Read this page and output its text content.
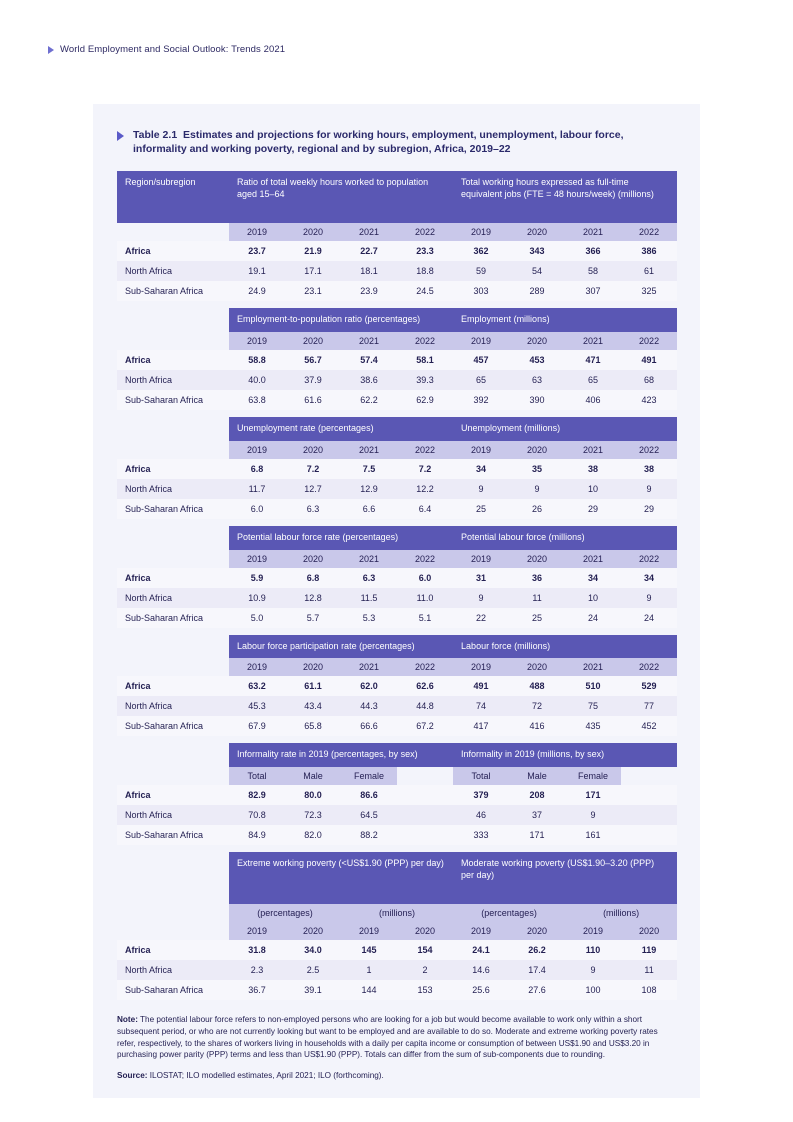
World Employment and Social Outlook: Trends 2021
Table 2.1 Estimates and projections for working hours, employment, unemployment, labour force, informality and working poverty, regional and by subregion, Africa, 2019–22
Region/subregion	Ratio of total weekly hours worked to population aged 15–64				Total working hours expressed as full-time equivalent jobs (FTE = 48 hours/week) (millions)			
	2019	2020	2021	2022	2019	2020	2021	2022
Africa	23.7	21.9	22.7	23.3	362	343	366	386
North Africa	19.1	17.1	18.1	18.8	59	54	58	61
Sub-Saharan Africa	24.9	23.1	23.9	24.5	303	289	307	325

	Employment-to-population ratio (percentages)				Employment (millions)			
	2019	2020	2021	2022	2019	2020	2021	2022
Africa	58.8	56.7	57.4	58.1	457	453	471	491
North Africa	40.0	37.9	38.6	39.3	65	63	65	68
Sub-Saharan Africa	63.8	61.6	62.2	62.9	392	390	406	423

	Unemployment rate (percentages)				Unemployment (millions)			
	2019	2020	2021	2022	2019	2020	2021	2022
Africa	6.8	7.2	7.5	7.2	34	35	38	38
North Africa	11.7	12.7	12.9	12.2	9	9	10	9
Sub-Saharan Africa	6.0	6.3	6.6	6.4	25	26	29	29

	Potential labour force rate (percentages)				Potential labour force (millions)			
	2019	2020	2021	2022	2019	2020	2021	2022
Africa	5.9	6.8	6.3	6.0	31	36	34	34
North Africa	10.9	12.8	11.5	11.0	9	11	10	9
Sub-Saharan Africa	5.0	5.7	5.3	5.1	22	25	24	24

	Labour force participation rate (percentages)				Labour force (millions)			
	2019	2020	2021	2022	2019	2020	2021	2022
Africa	63.2	61.1	62.0	62.6	491	488	510	529
North Africa	45.3	43.4	44.3	44.8	74	72	75	77
Sub-Saharan Africa	67.9	65.8	66.6	67.2	417	416	435	452

	Informality rate in 2019 (percentages, by sex)				Informality in 2019 (millions, by sex)			
	Total	Male	Female		Total	Male	Female	
Africa	82.9	80.0	86.6		379	208	171	
North Africa	70.8	72.3	64.5		46	37	9	
Sub-Saharan Africa	84.9	82.0	88.2		333	171	161	

	Extreme working poverty (<US$1.90 (PPP) per day)				Moderate working poverty (US$1.90–3.20 (PPP) per day)			
	(percentages)		(millions)		(percentages)		(millions)	
	2019	2020	2019	2020	2019	2020	2019	2020
Africa	31.8	34.0	145	154	24.1	26.2	110	119
North Africa	2.3	2.5	1	2	14.6	17.4	9	11
Sub-Saharan Africa	36.7	39.1	144	153	25.6	27.6	100	108
Note: The potential labour force refers to non-employed persons who are looking for a job but would become available to work only within a short subsequent period, or who are not currently looking but want to be employed and are available to do so. Moderate and extreme working poverty rates refer, respectively, to the shares of workers living in households with a daily per capita income or consumption of between US$1.90 and US$3.20 in purchasing power parity (PPP) terms and less than US$1.90 (PPP). Totals can differ from the sum of sub-components due to rounding.
Source: ILOSTAT; ILO modelled estimates, April 2021; ILO (forthcoming).
